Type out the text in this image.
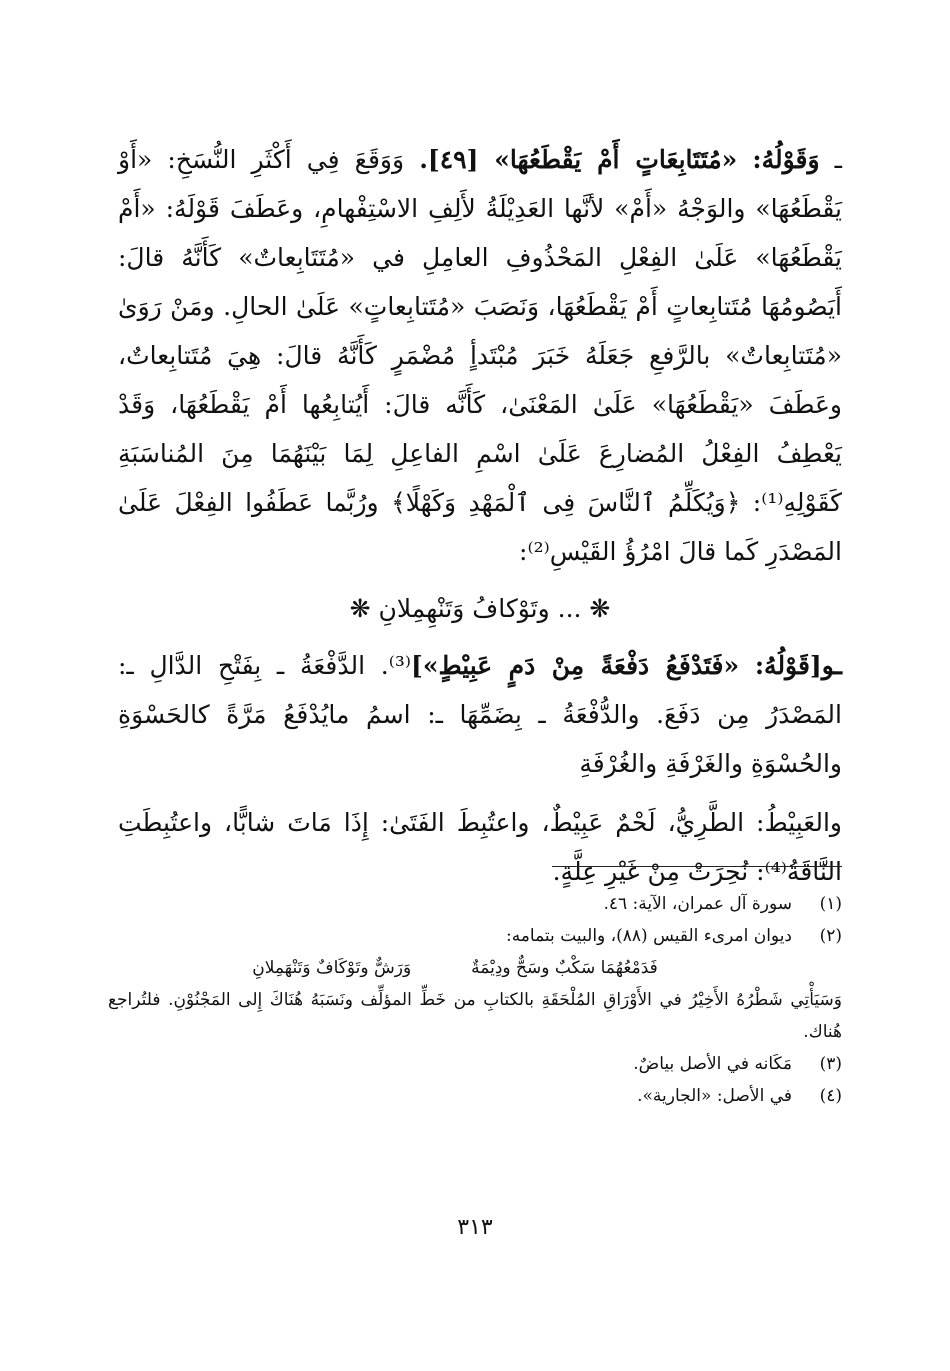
ـ وَقَوْلُهُ: «مُتَتَابِعَاتٍ أَمْ يَقْطَعُهَا» [٤٩]. وَوَقَعَ فِي أَكْثَرِ النُّسَخِ: «أَوْ يَقْطَعُهَا» والوَجْهُ «أَمْ» لأنَّها العَدِيْلَةُ لأَلِفِ الاسْتِفْهامِ، وعَطَفَ قَوْلَهُ: «أَمْ يَقْطَعُهَا» عَلَىٰ الفِعْلِ المَحْذُوفِ العامِلِ في «مُتَتَابِعاتٌ» كَأَنَّهُ قالَ: أَيَصُومُهَا مُتَتابِعاتٍ أَمْ يَقْطَعُهَا، وَنَصَبَ «مُتَتابِعاتٍ» عَلَىٰ الحالِ. ومَنْ رَوَىٰ «مُتَتابِعاتٌ» بالرَّفعِ جَعَلَهُ خَبَرَ مُبْتَدأٍ مُضْمَرٍ كَأَنَّهُ قالَ: هِيَ مُتَتابِعاتٌ، وعَطَفَ «يَقْطَعُهَا» عَلَىٰ المَعْنَىٰ، كَأَنَّه قالَ: أَيُتابِعُها أَمْ يَقْطَعُهَا، وَقَدْ يَعْطِفُ الفِعْلُ المُضارِعَ عَلَىٰ اسْمِ الفاعِلِ لِمَا بَيْنَهُمَا مِنَ المُناسَبَةِ كَقَوْلِهِ⁽¹⁾: ﴿وَيُكَلِّمُ ٱلنَّاسَ فِى ٱلْمَهْدِ وَكَهْلًا﴾ ورُبَّما عَطَفُوا الفِعْلَ عَلَىٰ المَصْدَرِ كَما قالَ امْرُؤُ القَيْسِ⁽²⁾:

❋ ... وتَوْكافُ وَتَنْهِمِلانِ ❋

ـو[قَوْلُهُ: «فَتَدْفَعُ دَفْعَةً مِنْ دَمٍ عَبِيْطٍ»]⁽³⁾. الدَّفْعَةُ ـ بِفَتْحِ الدَّالِ ـ: المَصْدَرُ مِن دَفَعَ. والدُّفْعَةُ ـ بِضَمِّهَا ـ: اسمُ مايُدْفَعُ مَرَّةً كالحَسْوَةِ والحُسْوَةِ والغَرْفَةِ والغُرْفَةِ

والعَبِيْطُ: الطَّرِيُّ، لَحْمٌ عَبِيْطٌ، واعتُبِطَ الفَتَىٰ: إِذَا مَاتَ شابًّا، واعتُبِطَتِ النَّاقَةُ⁽⁴⁾: نُحِرَتْ مِنْ غَيْرِ عِلَّةٍ.

(١)
سورة آل عمران، الآية: ٤٦.
(٢)
ديوان امرىء القيس (٨٨)، والبيت بتمامه:
فَدَمْعُهُمَا سَكْبٌ وسَحٌّ ودِيْمَةٌ
وَرَشٌّ وتَوْكَافٌ وَتَنْهَمِلانِ

وَسَيَأْتِي شَطْرُهُ الأَخِيْرُ في الأَوْرَاقِ المُلْحَقَةِ بالكتابِ من خَطِّ المؤلِّف ونَسَبَهُ هُنَاكَ إِلى المَجْنُوْنِ. فلتُراجع هُناك.

(٣)
مَكَانه في الأصل بياضٌ.
(٤)
في الأصل: «الجارية».
٣١٣
